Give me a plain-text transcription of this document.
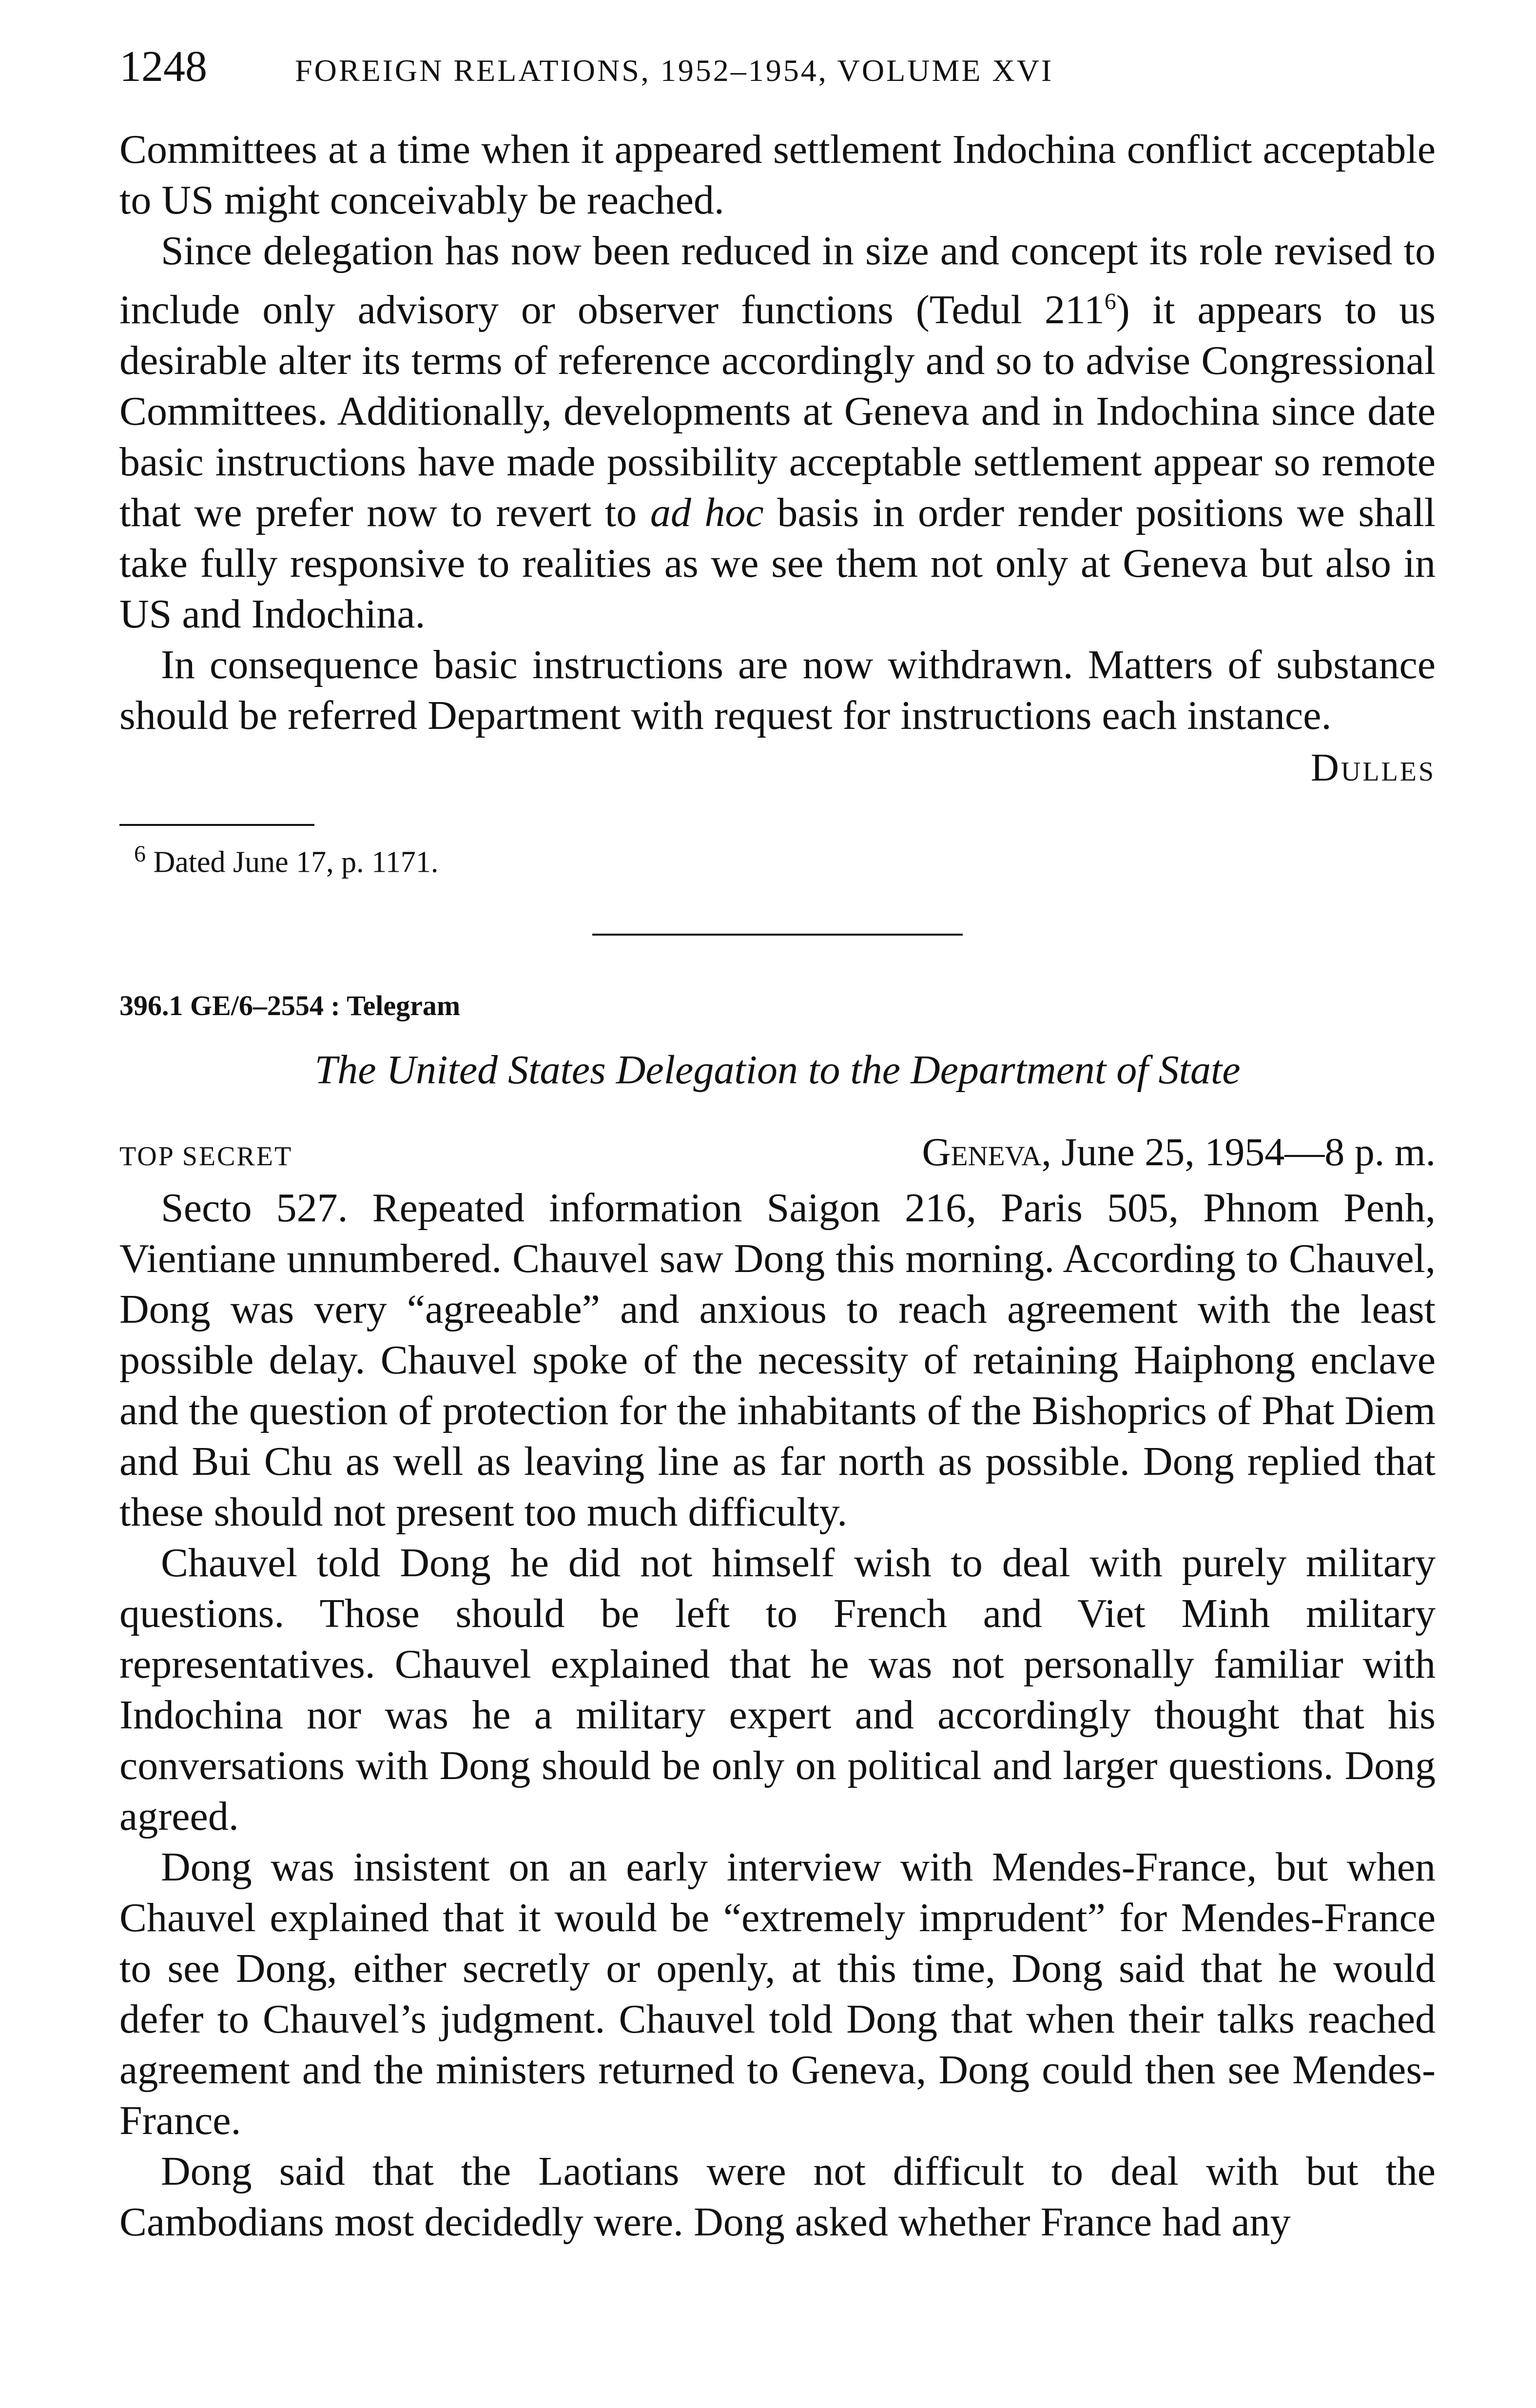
1248	FOREIGN RELATIONS, 1952–1954, VOLUME XVI

Committees at a time when it appeared settlement Indochina conflict acceptable to US might conceivably be reached.

Since delegation has now been reduced in size and concept its role revised to include only advisory or observer functions (Tedul $211^6$) it appears to us desirable alter its terms of reference accordingly and so to advise Congressional Committees. Additionally, developments at Geneva and in Indochina since date basic instructions have made possibility acceptable settlement appear so remote that we prefer now to revert to ad hoc basis in order render positions we shall take fully responsive to realities as we see them not only at Geneva but also in US and Indochina.

In consequence basic instructions are now withdrawn. Matters of substance should be referred Department with request for instructions each instance.

Dulles
$^6$ Dated June 17, p. 1171.
396.1 GE/6–2554 : Telegram
The United States Delegation to the Department of State
TOP SECRET	Geneva, June 25, 1954—8 p. m.

Secto 527. Repeated information Saigon 216, Paris 505, Phnom Penh, Vientiane unnumbered. Chauvel saw Dong this morning. According to Chauvel, Dong was very “agreeable” and anxious to reach agreement with the least possible delay. Chauvel spoke of the necessity of retaining Haiphong enclave and the question of protection for the inhabitants of the Bishoprics of Phat Diem and Bui Chu as well as leaving line as far north as possible. Dong replied that these should not present too much difficulty.

Chauvel told Dong he did not himself wish to deal with purely military questions. Those should be left to French and Viet Minh military representatives. Chauvel explained that he was not personally familiar with Indochina nor was he a military expert and accordingly thought that his conversations with Dong should be only on political and larger questions. Dong agreed.

Dong was insistent on an early interview with Mendes-France, but when Chauvel explained that it would be “extremely imprudent” for Mendes-France to see Dong, either secretly or openly, at this time, Dong said that he would defer to Chauvel’s judgment. Chauvel told Dong that when their talks reached agreement and the ministers returned to Geneva, Dong could then see Mendes-France.

Dong said that the Laotians were not difficult to deal with but the Cambodians most decidedly were. Dong asked whether France had any
